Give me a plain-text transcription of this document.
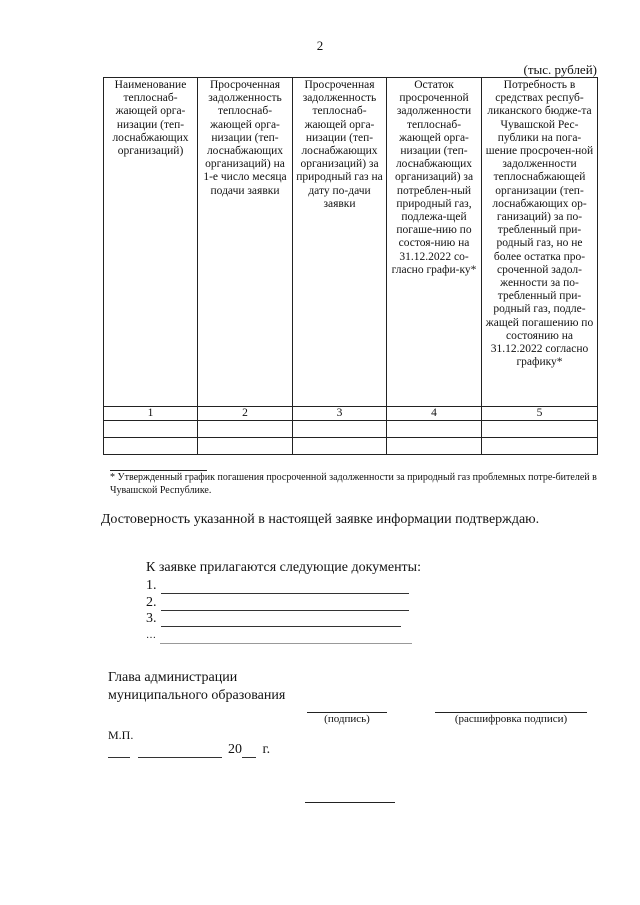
2
(тыс. рублей)
Наименование теплоснаб-жающей орга-низации (теп-лоснабжающих организаций)	Просроченная задолженность теплоснаб-жающей орга-низации (теп-лоснабжающих организаций) на 1-е число месяца подачи заявки	Просроченная задолженность теплоснаб-жающей орга-низации (теп-лоснабжающих организаций) за природный газ на дату по-дачи заявки	Остаток просроченной задолженности теплоснаб-жающей орга-низации (теп-лоснабжающих организаций) за потреблен-ный природный газ, подлежа-щей погаше-нию по состоя-нию на 31.12.2022 со-гласно графи-ку*	Потребность в средствах респуб-ликанского бюдже-та Чувашской Рес-публики на пога-шение просрочен-ной задолженности теплоснабжающей организации (теп-лоснабжающих ор-ганизаций) за по-требленный при-родный газ, но не более остатка про-сроченной задол-женности за по-требленный при-родный газ, подле-жащей погашению по состоянию на 31.12.2022 согласно графику*
1	2	3	4	5

* Утвержденный график погашения просроченной задолженности за природный газ проблемных потре-бителей в Чувашской Республике.
Достоверность указанной в настоящей заявке информации подтверждаю.
К заявке прилагаются следующие документы:
1.
2.
3.
…
Глава администрации
муниципального образования
(подпись)	(расшифровка подписи)
М.П.
20 г.
